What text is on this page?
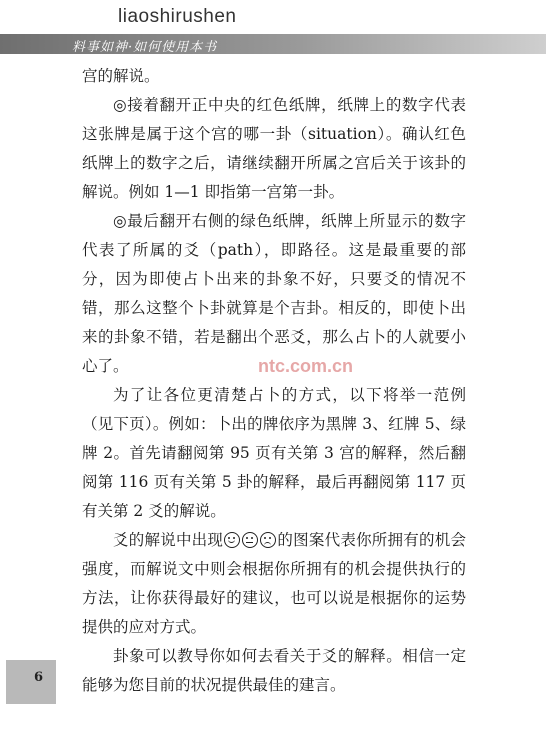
liaoshirushen
料事如神·如何使用本书

宫的解说。

◎接着翻开正中央的红色纸牌，纸牌上的数字代表这张牌是属于这个宫的哪一卦（situation）。确认红色纸牌上的数字之后，请继续翻开所属之宫后关于该卦的解说。例如 1—1 即指第一宫第一卦。

◎最后翻开右侧的绿色纸牌，纸牌上所显示的数字代表了所属的爻（path），即路径。这是最重要的部分，因为即使占卜出来的卦象不好，只要爻的情况不错，那么这整个卜卦就算是个吉卦。相反的，即使卜出来的卦象不错，若是翻出个恶爻，那么占卜的人就要小心了。

为了让各位更清楚占卜的方式，以下将举一范例（见下页）。例如：卜出的牌依序为黑牌 3、红牌 5、绿牌 2。首先请翻阅第 95 页有关第 3 宫的解释，然后翻阅第 116 页有关第 5 卦的解释，最后再翻阅第 117 页有关第 2 爻的解说。

爻的解说中出现	的图案代表你所拥有的机会强度，而解说文中则会根据你所拥有的机会提供执行的方法，让你获得最好的建议，也可以说是根据你的运势提供的应对方式。

卦象可以教导你如何去看关于爻的解释。相信一定能够为您目前的状况提供最佳的建言。

ntc.com.cn
6
